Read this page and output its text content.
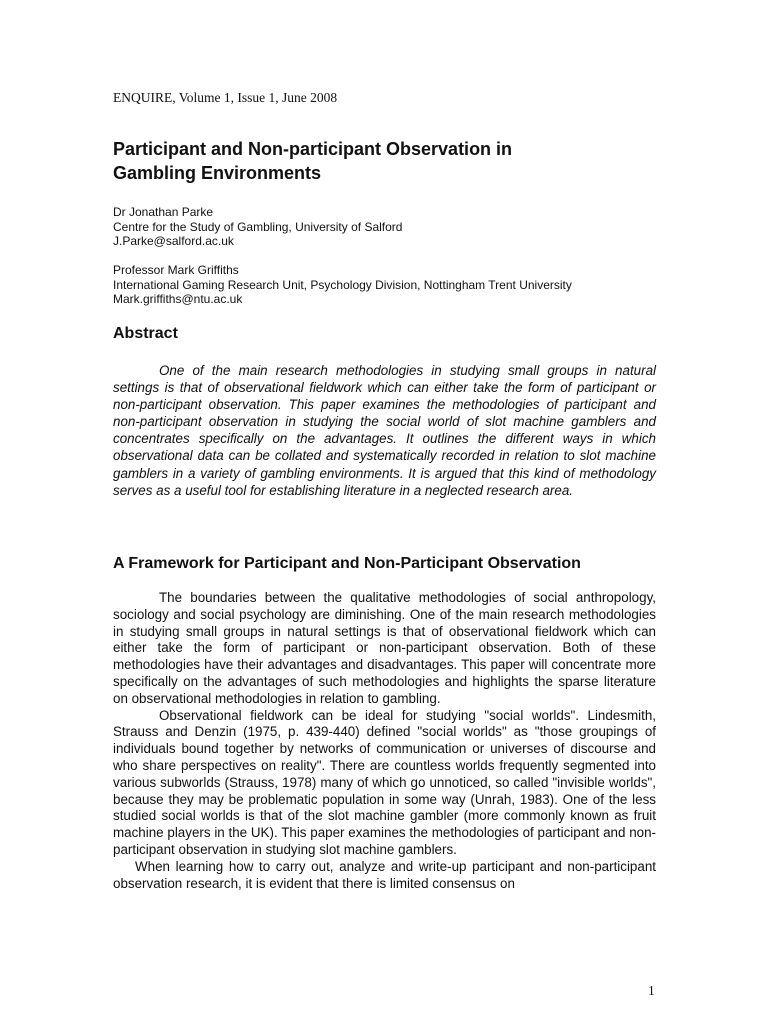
ENQUIRE, Volume 1, Issue 1, June 2008
Participant and Non-participant Observation in
Gambling Environments
Dr Jonathan Parke
Centre for the Study of Gambling, University of Salford
J.Parke@salford.ac.uk
Professor Mark Griffiths
International Gaming Research Unit, Psychology Division, Nottingham Trent University
Mark.griffiths@ntu.ac.uk
Abstract

One of the main research methodologies in studying small groups in natural settings is that of observational fieldwork which can either take the form of participant or non-participant observation. This paper examines the methodologies of participant and non-participant observation in studying the social world of slot machine gamblers and concentrates specifically on the advantages. It outlines the different ways in which observational data can be collated and systematically recorded in relation to slot machine gamblers in a variety of gambling environments. It is argued that this kind of methodology serves as a useful tool for establishing literature in a neglected research area.

A Framework for Participant and Non-Participant Observation

The boundaries between the qualitative methodologies of social anthropology, sociology and social psychology are diminishing. One of the main research methodologies in studying small groups in natural settings is that of observational fieldwork which can either take the form of participant or non-participant observation. Both of these methodologies have their advantages and disadvantages. This paper will concentrate more specifically on the advantages of such methodologies and highlights the sparse literature on observational methodologies in relation to gambling.

Observational fieldwork can be ideal for studying "social worlds". Lindesmith, Strauss and Denzin (1975, p. 439-440) defined "social worlds" as "those groupings of individuals bound together by networks of communication or universes of discourse and who share perspectives on reality". There are countless worlds frequently segmented into various subworlds (Strauss, 1978) many of which go unnoticed, so called "invisible worlds", because they may be problematic population in some way (Unrah, 1983). One of the less studied social worlds is that of the slot machine gambler (more commonly known as fruit machine players in the UK). This paper examines the methodologies of participant and non-participant observation in studying slot machine gamblers.

When learning how to carry out, analyze and write-up participant and non-participant observation research, it is evident that there is limited consensus on

1
